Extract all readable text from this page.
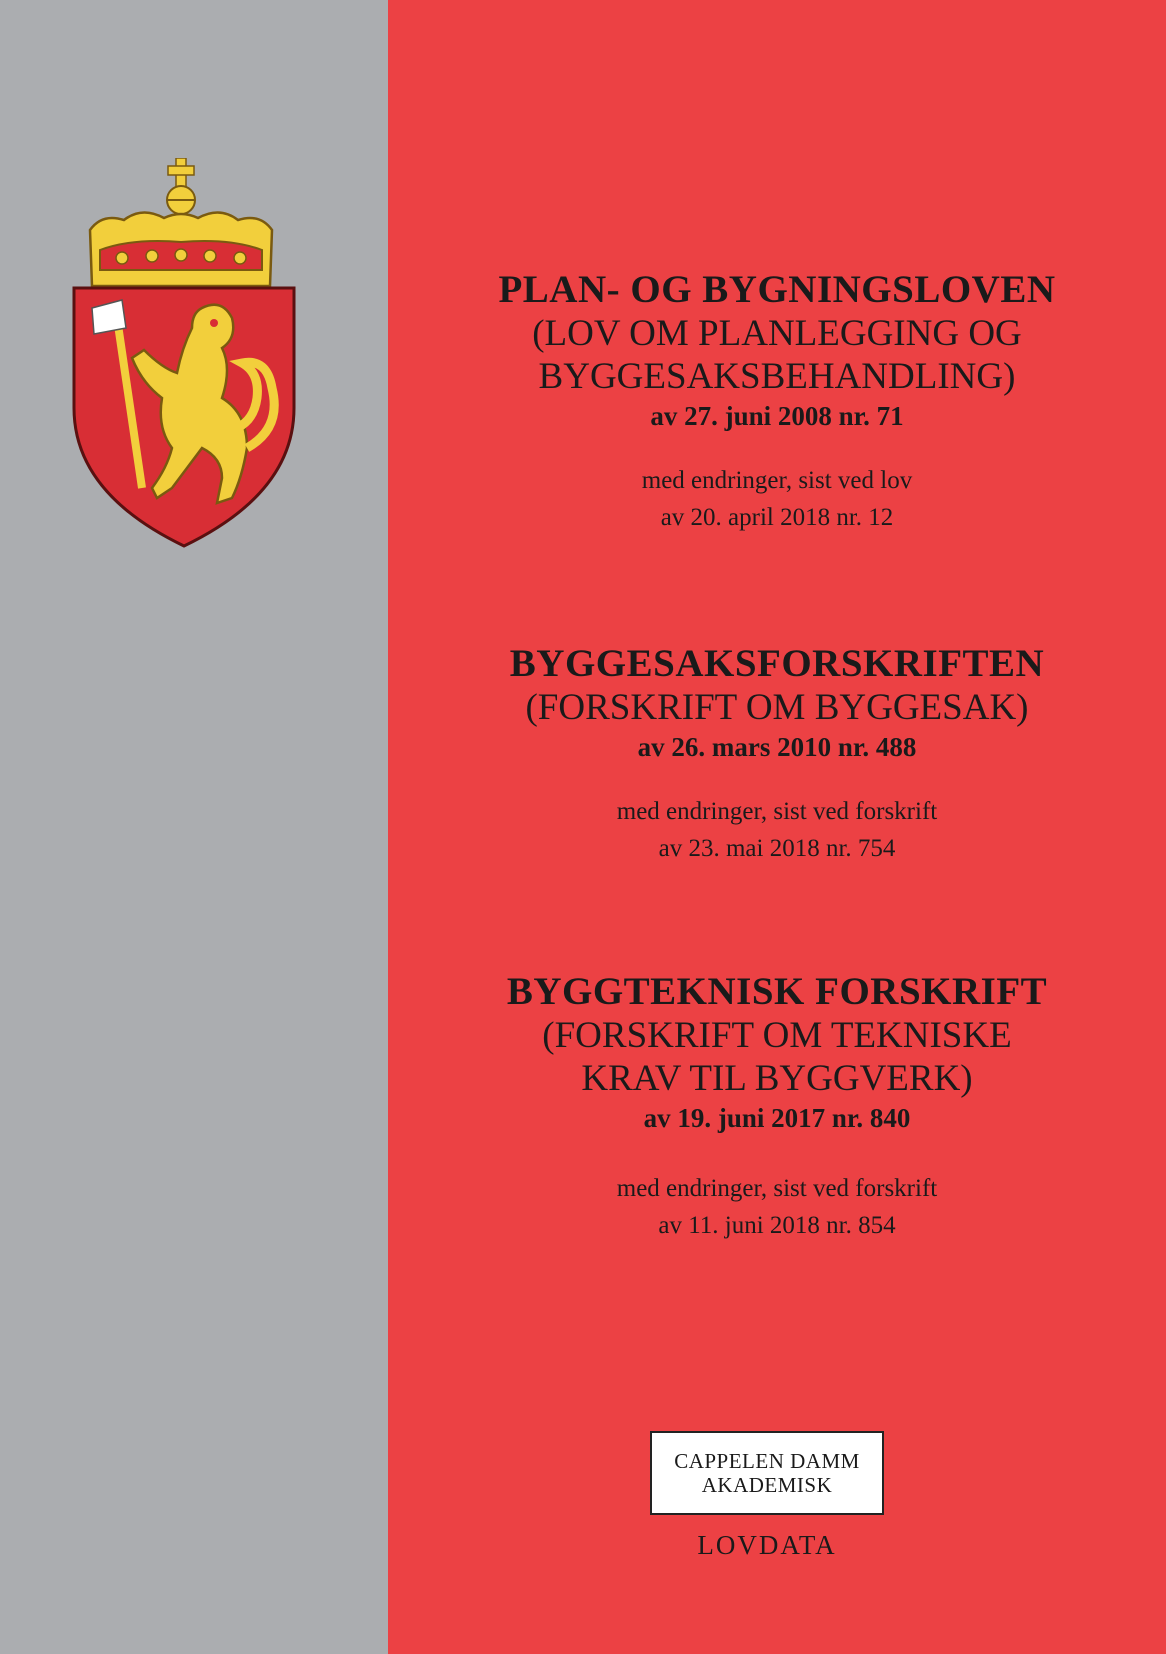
PLAN- OG BYGNINGSLOVEN

(LOV OM PLANLEGGING OG

BYGGESAKSBEHANDLING)

av 27. juni 2008 nr. 71

med endringer, sist ved lov

av 20. april 2018 nr. 12

BYGGESAKSFORSKRIFTEN

(FORSKRIFT OM BYGGESAK)

av 26. mars 2010 nr. 488

med endringer, sist ved forskrift

av 23. mai 2018 nr. 754

BYGGTEKNISK FORSKRIFT

(FORSKRIFT OM TEKNISKE

KRAV TIL BYGGVERK)

av 19. juni 2017 nr. 840

med endringer, sist ved forskrift

av 11. juni 2018 nr. 854

CAPPELEN DAMM
AKADEMISK
LOVDATA
